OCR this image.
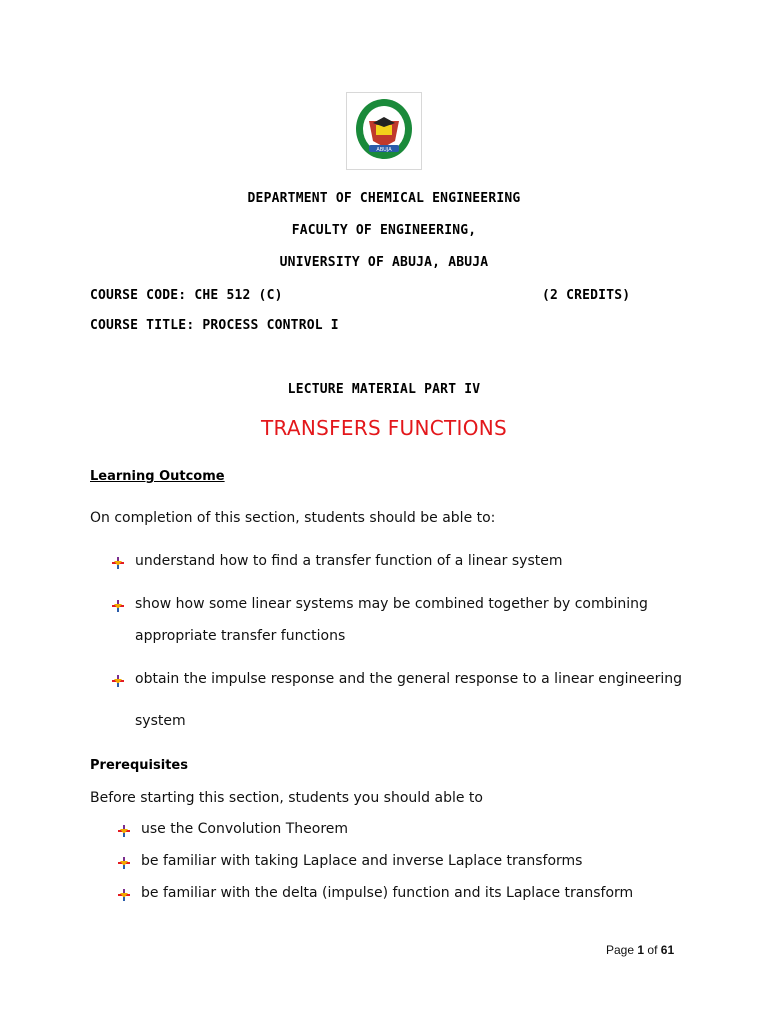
ABUJA
DEPARTMENT OF CHEMICAL ENGINEERING
FACULTY OF ENGINEERING,
UNIVERSITY OF ABUJA, ABUJA
COURSE CODE: CHE 512 (C)	(2 CREDITS)
COURSE TITLE: PROCESS CONTROL I
LECTURE MATERIAL PART IV
TRANSFERS FUNCTIONS
Learning Outcome
On completion of this section, students should be able to:
understand how to find a transfer function of a linear system
show how some linear systems may be combined together by combining
appropriate transfer functions
obtain the impulse response and the general response to a linear engineering
system
Prerequisites
Before starting this section, students you should able to
use the Convolution Theorem
be familiar with taking Laplace and inverse Laplace transforms
be familiar with the delta (impulse) function and its Laplace transform
Page 1 of 61
